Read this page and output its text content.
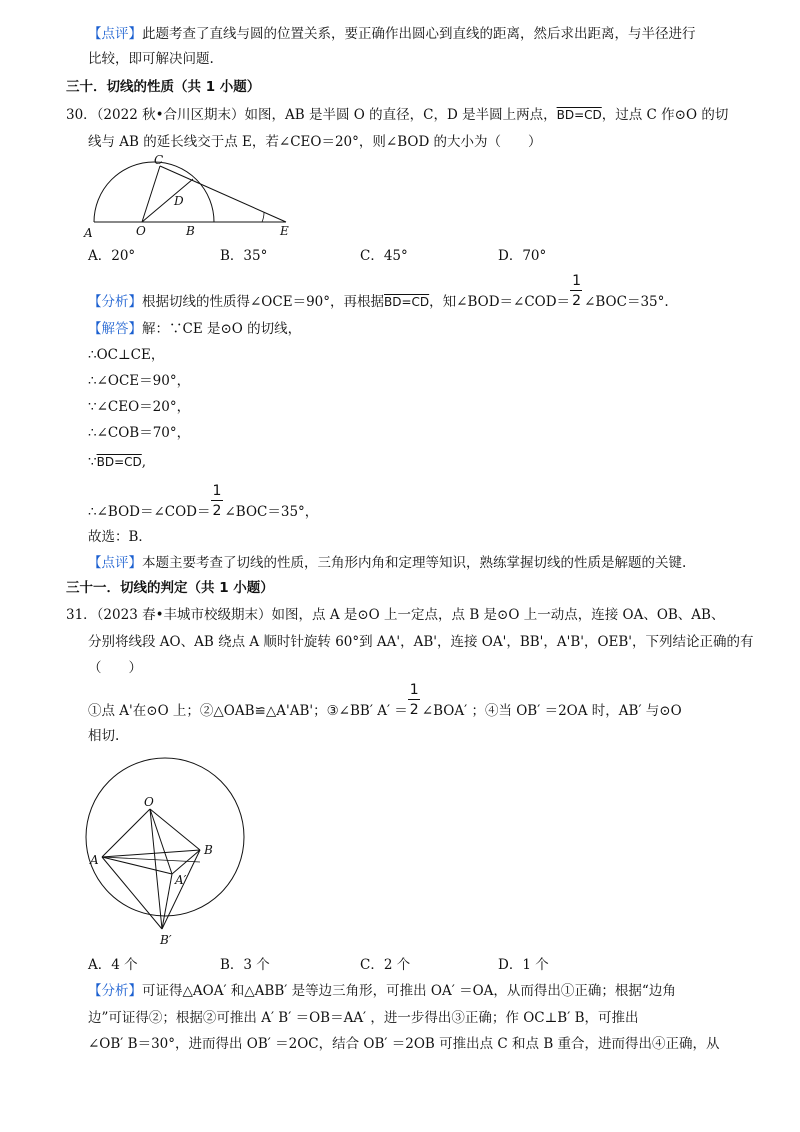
【点评】此题考查了直线与圆的位置关系，要正确作出圆心到直线的距离，然后求出距离，与半径进行
比较，即可解决问题.
三十．切线的性质（共 1 小题）
30．（2022 秋•合川区期末）如图，AB 是半圆 O 的直径，C，D 是半圆上两点，BD=CD，过点 C 作⊙O 的切
线与 AB 的延长线交于点 E，若∠CEO＝20°，则∠BOD 的大小为（　　）
A	O	B	E
C
D
A．20°	B．35°	C．45°	D．70°
【分析】根据切线的性质得∠OCE＝90°，再根据BD=CD，知∠BOD＝∠COD＝ $\frac{1}{2}$ ∠BOC＝35°.
【解答】解：∵CE 是⊙O 的切线，
∴OC⊥CE，
∴∠OCE＝90°，
∵∠CEO＝20°，
∴∠COB＝70°，
∵BD=CD,
∴∠BOD＝∠COD＝ $\frac{1}{2}$ ∠BOC＝35°，
故选：B．
【点评】本题主要考查了切线的性质，三角形内角和定理等知识，熟练掌握切线的性质是解题的关键.
三十一．切线的判定（共 1 小题）
31．（2023 春•丰城市校级期末）如图，点 A 是⊙O 上一定点，点 B 是⊙O 上一动点，连接 OA、OB、AB、
分别将线段 AO、AB 绕点 A 顺时针旋转 60°到 AA'，AB'，连接 OA'，BB'，A'B'，OEB'，下列结论正确的有
（　　）
①点 A'在⊙O 上；②△OAB≌△A'AB'；③∠BB′ $A' = \frac{1}{2}$ ∠BOA′ ；④当 OB′ ＝2OA 时，AB′ 与⊙O
相切.
O
A
B
A′
B′
A．4 个	B．3 个	C．2 个	D．1 个
【分析】可证得△AOA′ 和△ABB′ 是等边三角形，可推出 OA′ ＝OA，从而得出①正确；根据“边角
边”可证得②；根据②可推出 A′ B′ ＝OB＝AA′ ，进一步得出③正确；作 OC⊥B′ B，可推出
∠OB′ B＝30°，进而得出 OB′ ＝2OC，结合 OB′ ＝2OB 可推出点 C 和点 B 重合，进而得出④正确，从
